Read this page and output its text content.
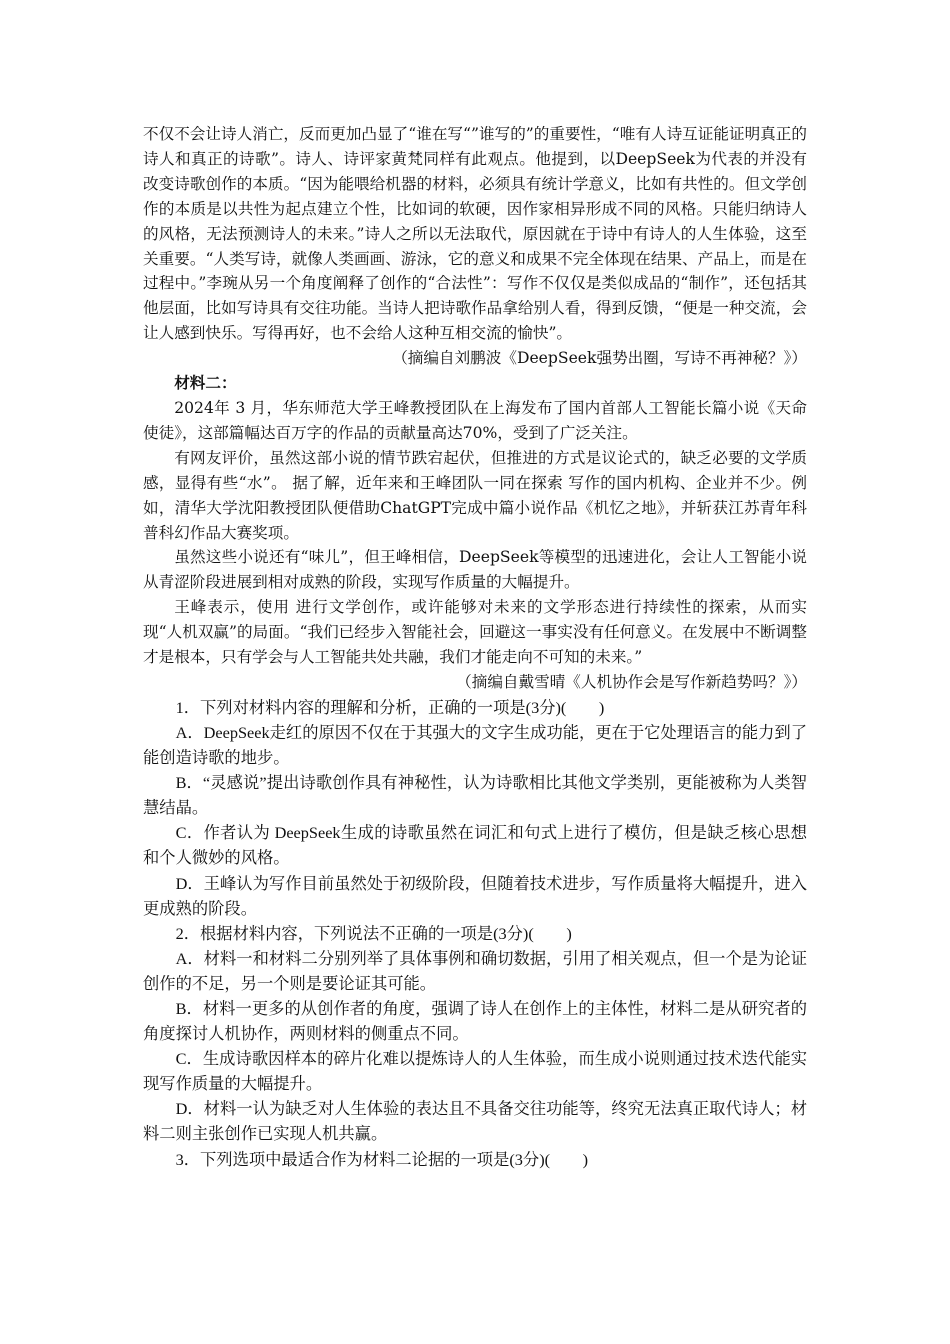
不仅不会让诗人消亡，反而更加凸显了“谁在写“”谁写的”的重要性，“唯有人诗互证能证明真正的诗人和真正的诗歌”。诗人、诗评家黄梵同样有此观点。他提到，以DeepSeek为代表的并没有改变诗歌创作的本质。“因为能喂给机器的材料，必须具有统计学意义，比如有共性的。但文学创作的本质是以共性为起点建立个性，比如词的软硬，因作家相异形成不同的风格。只能归纳诗人的风格，无法预测诗人的未来。”诗人之所以无法取代，原因就在于诗中有诗人的人生体验，这至关重要。“人类写诗，就像人类画画、游泳，它的意义和成果不完全体现在结果、产品上，而是在过程中。”李琬从另一个角度阐释了创作的“合法性”：写作不仅仅是类似成品的“制作”，还包括其他层面，比如写诗具有交往功能。当诗人把诗歌作品拿给别人看，得到反馈，“便是一种交流，会让人感到快乐。写得再好，也不会给人这种互相交流的愉快”。

（摘编自刘鹏波《DeepSeek强势出圈，写诗不再神秘？》）

材料二：

2024年 3 月，华东师范大学王峰教授团队在上海发布了国内首部人工智能长篇小说《天命使徒》，这部篇幅达百万字的作品的贡献量高达70%，受到了广泛关注。

有网友评价，虽然这部小说的情节跌宕起伏，但推进的方式是议论式的，缺乏必要的文学质感，显得有些“水”。 据了解，近年来和王峰团队一同在探索 写作的国内机构、企业并不少。例如，清华大学沈阳教授团队便借助ChatGPT完成中篇小说作品《机忆之地》，并斩获江苏青年科普科幻作品大赛奖项。

虽然这些小说还有“味儿”，但王峰相信，DeepSeek等模型的迅速进化，会让人工智能小说从青涩阶段进展到相对成熟的阶段，实现写作质量的大幅提升。

王峰表示，使用 进行文学创作，或许能够对未来的文学形态进行持续性的探索，从而实现“人机双赢”的局面。“我们已经步入智能社会，回避这一事实没有任何意义。在发展中不断调整才是根本，只有学会与人工智能共处共融，我们才能走向不可知的未来。”

（摘编自戴雪晴《人机协作会是写作新趋势吗？》）

1．下列对材料内容的理解和分析，正确的一项是(3分)(　　)

A．DeepSeek走红的原因不仅在于其强大的文字生成功能，更在于它处理语言的能力到了能创造诗歌的地步。

B．“灵感说”提出诗歌创作具有神秘性，认为诗歌相比其他文学类别，更能被称为人类智慧结晶。

C．作者认为 DeepSeek生成的诗歌虽然在词汇和句式上进行了模仿，但是缺乏核心思想和个人微妙的风格。

D．王峰认为写作目前虽然处于初级阶段，但随着技术进步，写作质量将大幅提升，进入更成熟的阶段。

2．根据材料内容，下列说法不正确的一项是(3分)(　　)

A．材料一和材料二分别列举了具体事例和确切数据，引用了相关观点，但一个是为论证创作的不足，另一个则是要论证其可能。

B．材料一更多的从创作者的角度，强调了诗人在创作上的主体性，材料二是从研究者的角度探讨人机协作，两则材料的侧重点不同。

C．生成诗歌因样本的碎片化难以提炼诗人的人生体验，而生成小说则通过技术迭代能实现写作质量的大幅提升。

D．材料一认为缺乏对人生体验的表达且不具备交往功能等，终究无法真正取代诗人；材料二则主张创作已实现人机共赢。

3．下列选项中最适合作为材料二论据的一项是(3分)(　　)
